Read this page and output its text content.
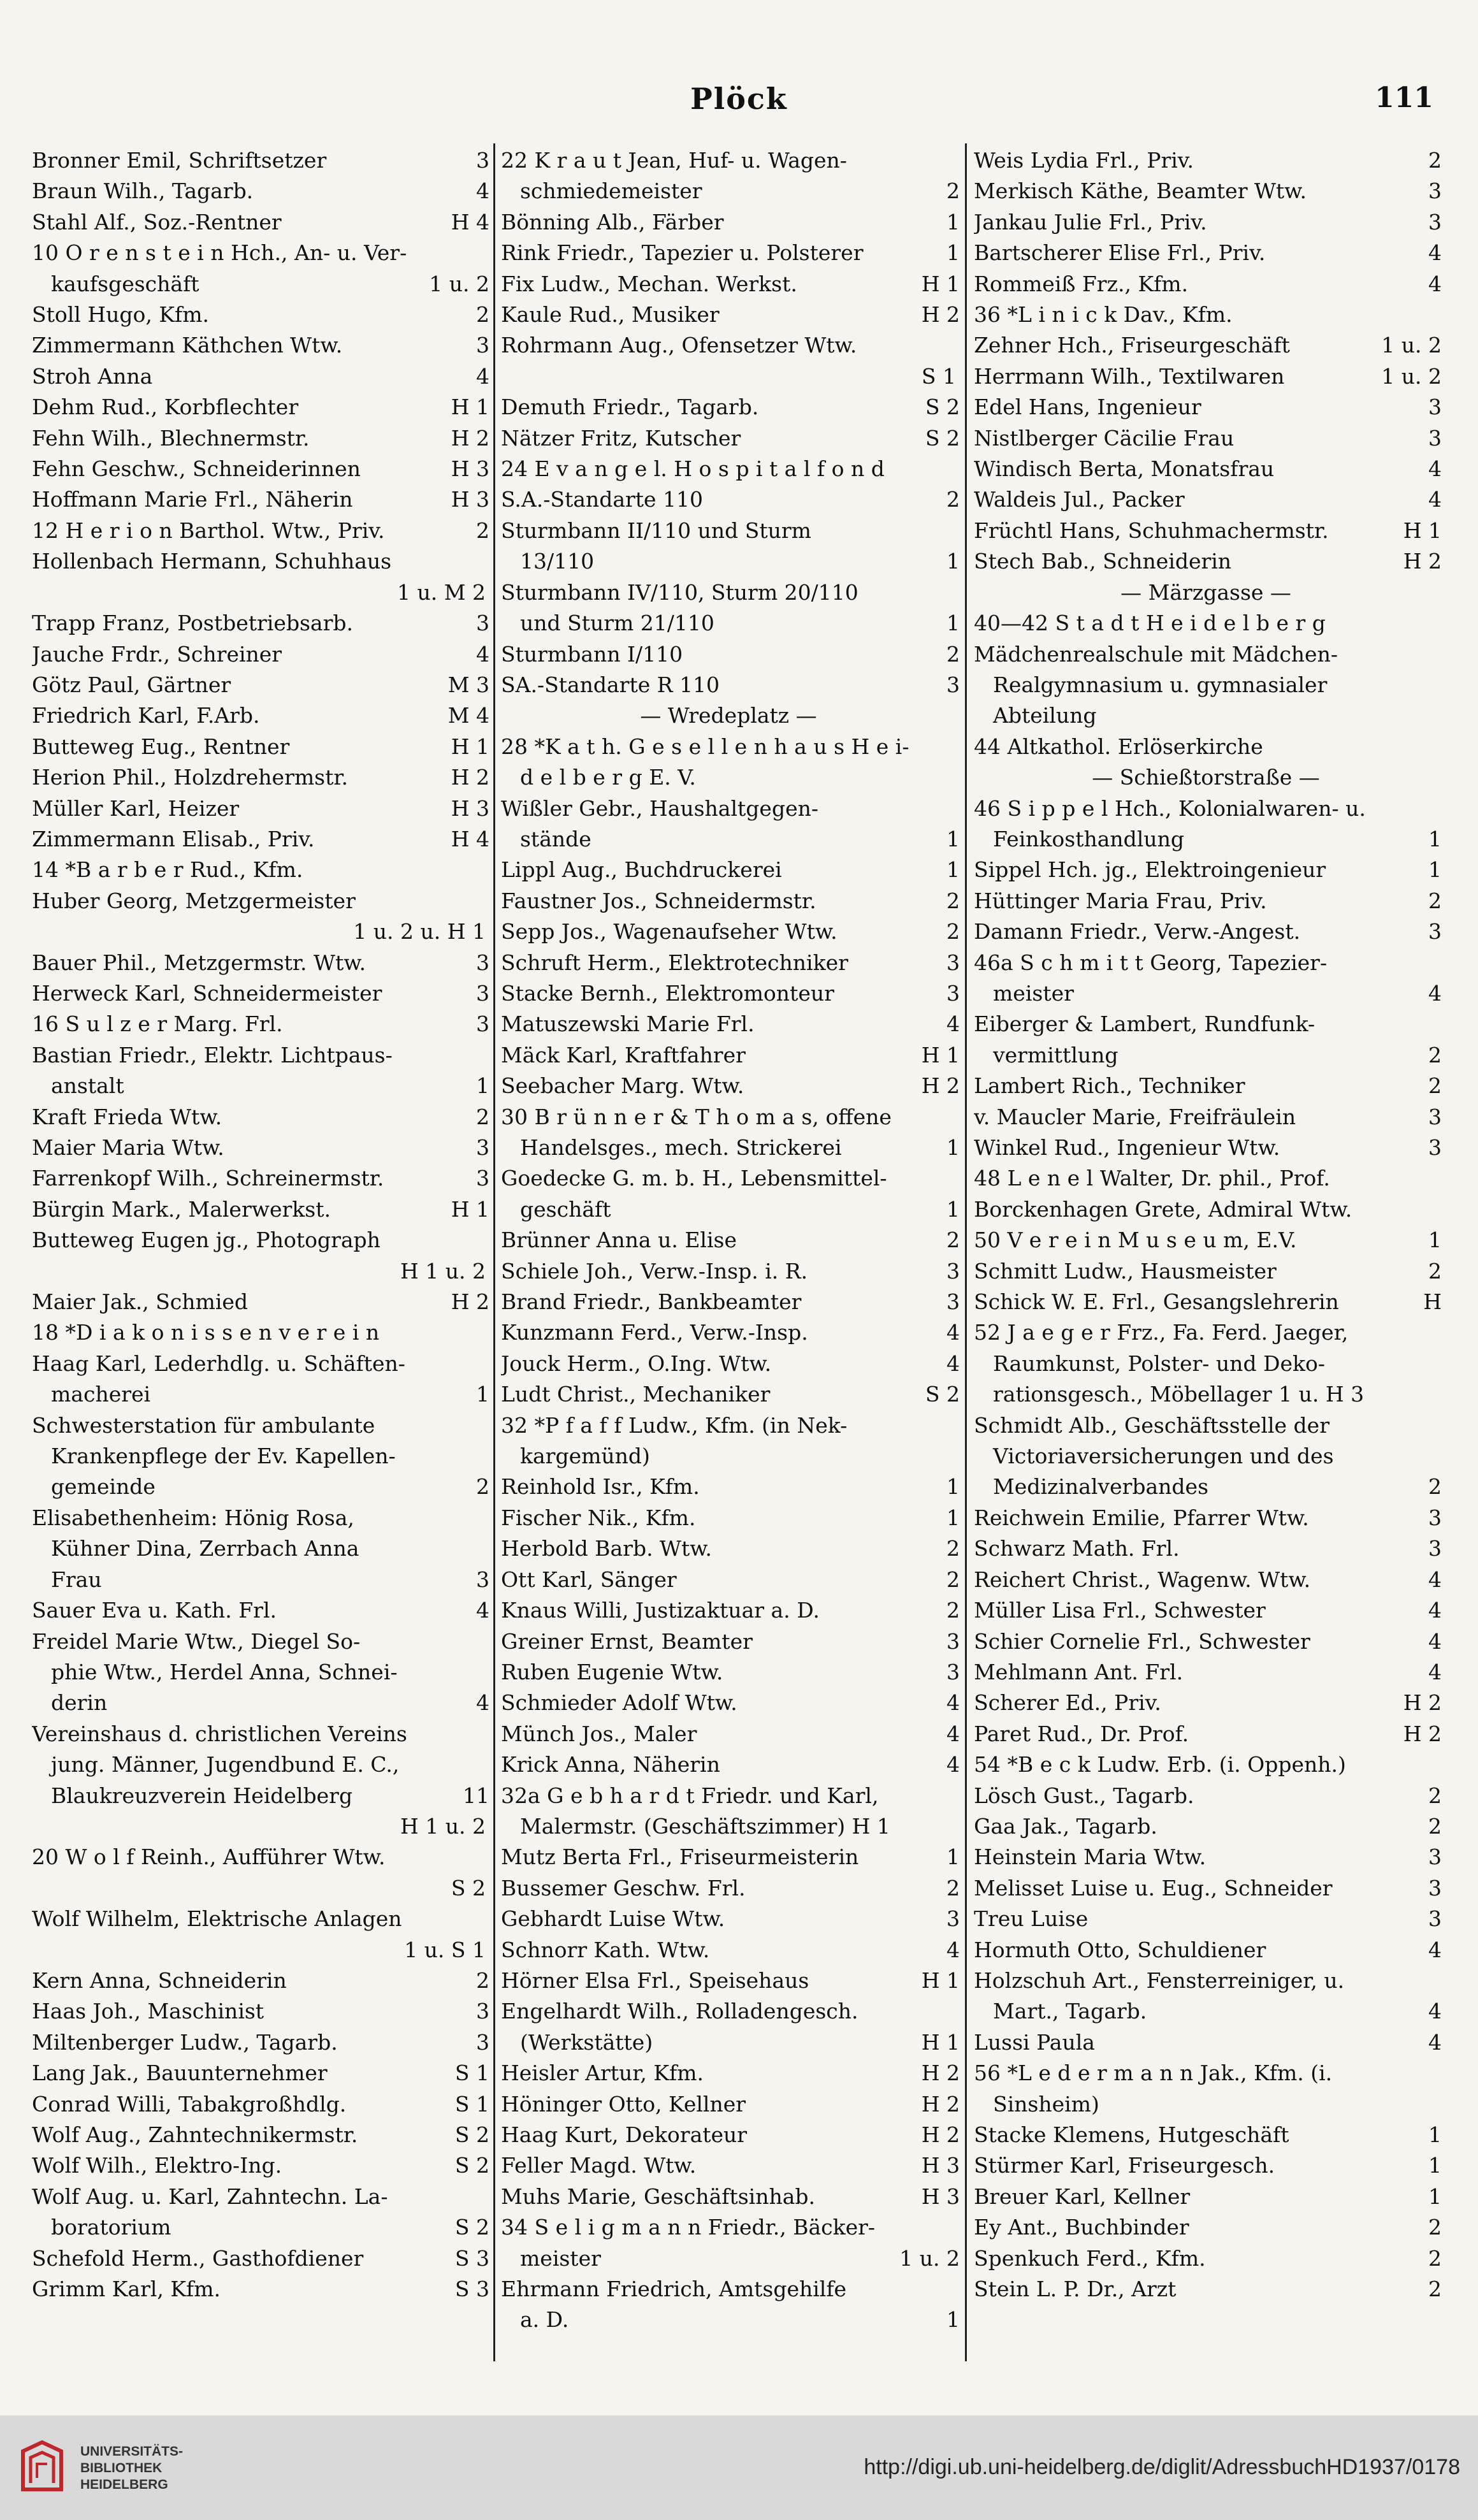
Plöck	111
Bronner Emil, Schriftsetzer	3
Braun Wilh., Tagarb.	4
Stahl Alf., Soz.-Rentner	H 4
10 O r e n s t e i n Hch., An- u. Ver-
kaufsgeschäft	1 u. 2
Stoll Hugo, Kfm.	2
Zimmermann Käthchen Wtw.	3
Stroh Anna	4
Dehm Rud., Korbflechter	H 1
Fehn Wilh., Blechnermstr.	H 2
Fehn Geschw., Schneiderinnen	H 3
Hoffmann Marie Frl., Näherin	H 3
12 H e r i o n Barthol. Wtw., Priv.	2
Hollenbach Hermann, Schuhhaus
1 u. M 2
Trapp Franz, Postbetriebsarb.	3
Jauche Frdr., Schreiner	4
Götz Paul, Gärtner	M 3
Friedrich Karl, F.Arb.	M 4
Butteweg Eug., Rentner	H 1
Herion Phil., Holzdrehermstr.	H 2
Müller Karl, Heizer	H 3
Zimmermann Elisab., Priv.	H 4
14 *B a r b e r Rud., Kfm.
Huber Georg, Metzgermeister
1 u. 2 u. H 1
Bauer Phil., Metzgermstr. Wtw.	3
Herweck Karl, Schneidermeister	3
16 S u l z e r Marg. Frl.	3
Bastian Friedr., Elektr. Lichtpaus-
anstalt	1
Kraft Frieda Wtw.	2
Maier Maria Wtw.	3
Farrenkopf Wilh., Schreinermstr.	3
Bürgin Mark., Malerwerkst.	H 1
Butteweg Eugen jg., Photograph
H 1 u. 2
Maier Jak., Schmied	H 2
18 *D i a k o n i s s e n v e r e i n
Haag Karl, Lederhdlg. u. Schäften-
macherei	1
Schwesterstation für ambulante
Krankenpflege der Ev. Kapellen-
gemeinde	2
Elisabethenheim: Hönig Rosa,
Kühner Dina, Zerrbach Anna
Frau	3
Sauer Eva u. Kath. Frl.	4
Freidel Marie Wtw., Diegel So-
phie Wtw., Herdel Anna, Schnei-
derin	4
Vereinshaus d. christlichen Vereins
jung. Männer, Jugendbund E. C.,
Blaukreuzverein Heidelberg	11
H 1 u. 2
20 W o l f Reinh., Aufführer Wtw.
S 2
Wolf Wilhelm, Elektrische Anlagen
1 u. S 1
Kern Anna, Schneiderin	2
Haas Joh., Maschinist	3
Miltenberger Ludw., Tagarb.	3
Lang Jak., Bauunternehmer	S 1
Conrad Willi, Tabakgroßhdlg.	S 1
Wolf Aug., Zahntechnikermstr.	S 2
Wolf Wilh., Elektro-Ing.	S 2
Wolf Aug. u. Karl, Zahntechn. La-
boratorium	S 2
Schefold Herm., Gasthofdiener	S 3
Grimm Karl, Kfm.	S 3
22 K r a u t Jean, Huf- u. Wagen-
schmiedemeister	2
Bönning Alb., Färber	1
Rink Friedr., Tapezier u. Polsterer	1
Fix Ludw., Mechan. Werkst.	H 1
Kaule Rud., Musiker	H 2
Rohrmann Aug., Ofensetzer Wtw.
S 1
Demuth Friedr., Tagarb.	S 2
Nätzer Fritz, Kutscher	S 2
24 E v a n g e l. H o s p i t a l f o n d
S.A.-Standarte 110	2
Sturmbann II/110 und Sturm
13/110	1
Sturmbann IV/110, Sturm 20/110
und Sturm 21/110	1
Sturmbann I/110	2
SA.-Standarte R 110	3
— Wredeplatz —
28 *K a t h. G e s e l l e n h a u s H e i-
d e l b e r g E. V.
Wißler Gebr., Haushaltgegen-
stände	1
Lippl Aug., Buchdruckerei	1
Faustner Jos., Schneidermstr.	2
Sepp Jos., Wagenaufseher Wtw.	2
Schruft Herm., Elektrotechniker	3
Stacke Bernh., Elektromonteur	3
Matuszewski Marie Frl.	4
Mäck Karl, Kraftfahrer	H 1
Seebacher Marg. Wtw.	H 2
30 B r ü n n e r & T h o m a s, offene
Handelsges., mech. Strickerei	1
Goedecke G. m. b. H., Lebensmittel-
geschäft	1
Brünner Anna u. Elise	2
Schiele Joh., Verw.-Insp. i. R.	3
Brand Friedr., Bankbeamter	3
Kunzmann Ferd., Verw.-Insp.	4
Jouck Herm., O.Ing. Wtw.	4
Ludt Christ., Mechaniker	S 2
32 *P f a f f Ludw., Kfm. (in Nek-
kargemünd)
Reinhold Isr., Kfm.	1
Fischer Nik., Kfm.	1
Herbold Barb. Wtw.	2
Ott Karl, Sänger	2
Knaus Willi, Justizaktuar a. D.	2
Greiner Ernst, Beamter	3
Ruben Eugenie Wtw.	3
Schmieder Adolf Wtw.	4
Münch Jos., Maler	4
Krick Anna, Näherin	4
32a G e b h a r d t Friedr. und Karl,
Malermstr. (Geschäftszimmer) H 1
Mutz Berta Frl., Friseurmeisterin	1
Bussemer Geschw. Frl.	2
Gebhardt Luise Wtw.	3
Schnorr Kath. Wtw.	4
Hörner Elsa Frl., Speisehaus	H 1
Engelhardt Wilh., Rolladengesch.
(Werkstätte)	H 1
Heisler Artur, Kfm.	H 2
Höninger Otto, Kellner	H 2
Haag Kurt, Dekorateur	H 2
Feller Magd. Wtw.	H 3
Muhs Marie, Geschäftsinhab.	H 3
34 S e l i g m a n n Friedr., Bäcker-
meister	1 u. 2
Ehrmann Friedrich, Amtsgehilfe
a. D.	1
Weis Lydia Frl., Priv.	2
Merkisch Käthe, Beamter Wtw.	3
Jankau Julie Frl., Priv.	3
Bartscherer Elise Frl., Priv.	4
Rommeiß Frz., Kfm.	4
36 *L i n i c k Dav., Kfm.
Zehner Hch., Friseurgeschäft	1 u. 2
Herrmann Wilh., Textilwaren	1 u. 2
Edel Hans, Ingenieur	3
Nistlberger Cäcilie Frau	3
Windisch Berta, Monatsfrau	4
Waldeis Jul., Packer	4
Früchtl Hans, Schuhmachermstr.	H 1
Stech Bab., Schneiderin	H 2
— Märzgasse —
40—42 S t a d t H e i d e l b e r g
Mädchenrealschule mit Mädchen-
Realgymnasium u. gymnasialer
Abteilung
44 Altkathol. Erlöserkirche
— Schießtorstraße —
46 S i p p e l Hch., Kolonialwaren- u.
Feinkosthandlung	1
Sippel Hch. jg., Elektroingenieur	1
Hüttinger Maria Frau, Priv.	2
Damann Friedr., Verw.-Angest.	3
46a S c h m i t t Georg, Tapezier-
meister	4
Eiberger & Lambert, Rundfunk-
vermittlung	2
Lambert Rich., Techniker	2
v. Maucler Marie, Freifräulein	3
Winkel Rud., Ingenieur Wtw.	3
48 L e n e l Walter, Dr. phil., Prof.
Borckenhagen Grete, Admiral Wtw.
50 V e r e i n M u s e u m, E.V.	1
Schmitt Ludw., Hausmeister	2
Schick W. E. Frl., Gesangslehrerin	H
52 J a e g e r Frz., Fa. Ferd. Jaeger,
Raumkunst, Polster- und Deko-
rationsgesch., Möbellager 1 u. H 3
Schmidt Alb., Geschäftsstelle der
Victoriaversicherungen und des
Medizinalverbandes	2
Reichwein Emilie, Pfarrer Wtw.	3
Schwarz Math. Frl.	3
Reichert Christ., Wagenw. Wtw.	4
Müller Lisa Frl., Schwester	4
Schier Cornelie Frl., Schwester	4
Mehlmann Ant. Frl.	4
Scherer Ed., Priv.	H 2
Paret Rud., Dr. Prof.	H 2
54 *B e c k Ludw. Erb. (i. Oppenh.)
Lösch Gust., Tagarb.	2
Gaa Jak., Tagarb.	2
Heinstein Maria Wtw.	3
Melisset Luise u. Eug., Schneider	3
Treu Luise	3
Hormuth Otto, Schuldiener	4
Holzschuh Art., Fensterreiniger, u.
Mart., Tagarb.	4
Lussi Paula	4
56 *L e d e r m a n n Jak., Kfm. (i.
Sinsheim)
Stacke Klemens, Hutgeschäft	1
Stürmer Karl, Friseurgesch.	1
Breuer Karl, Kellner	1
Ey Ant., Buchbinder	2
Spenkuch Ferd., Kfm.	2
Stein L. P. Dr., Arzt	2
UNIVERSITÄTS-
BIBLIOTHEK
HEIDELBERG
http://digi.ub.uni-heidelberg.de/diglit/AdressbuchHD1937/0178
